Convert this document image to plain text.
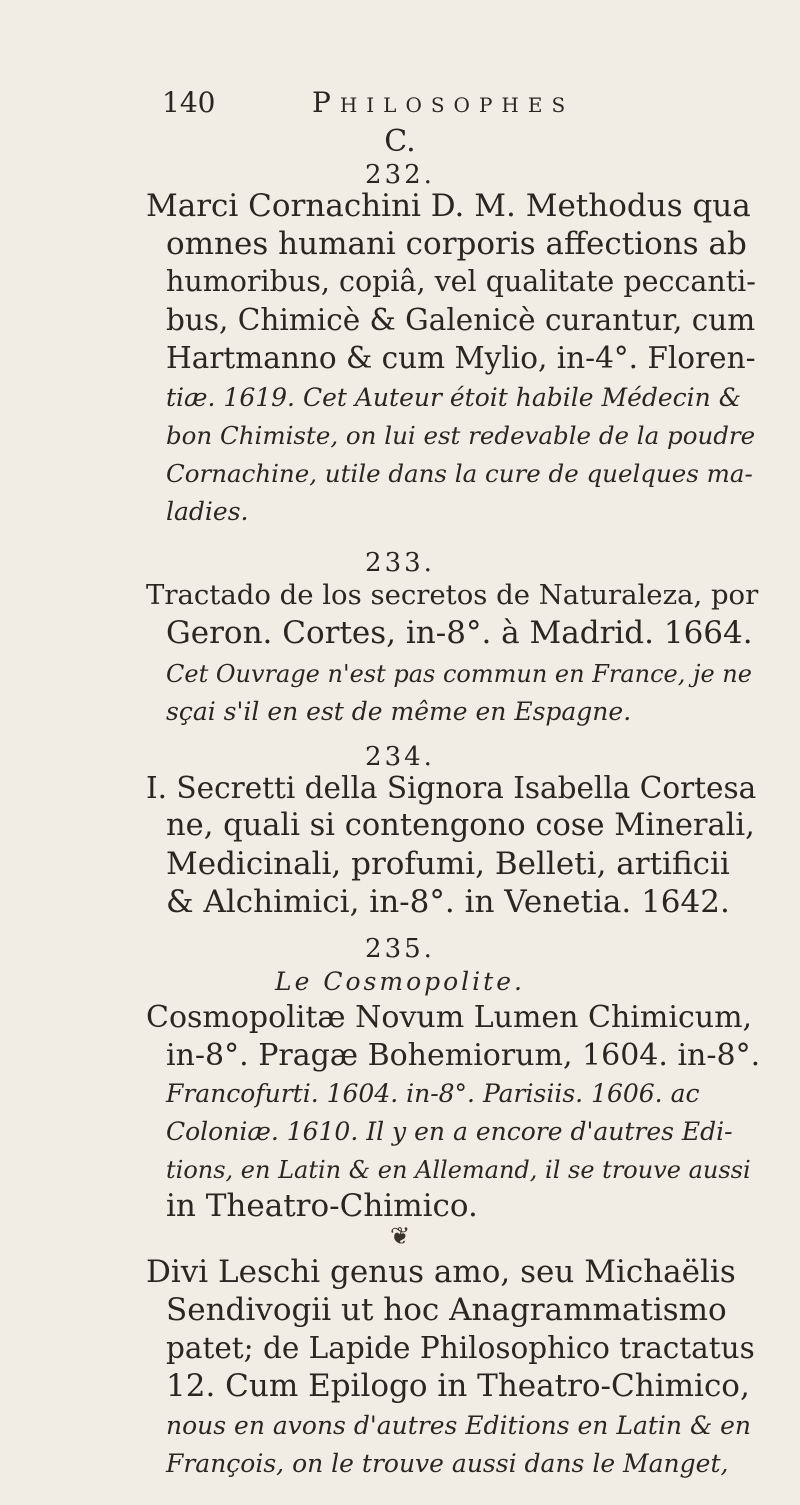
140	Philosophes
C.
232.
Marci Cornachini D. M. Methodus qua
omnes humani corporis affections ab
humoribus, copiâ, vel qualitate peccanti-
bus, Chimicè & Galenicè curantur, cum
Hartmanno & cum Mylio, in-4°. Floren-
tiæ. 1619. Cet Auteur étoit habile Médecin &
bon Chimiste, on lui est redevable de la poudre
Cornachine, utile dans la cure de quelques ma-
ladies.
233.
Tractado de los secretos de Naturaleza, por
Geron. Cortes, in-8°. à Madrid. 1664.
Cet Ouvrage n'est pas commun en France, je ne
sçai s'il en est de même en Espagne.
234.
I. Secretti della Signora Isabella Cortesa
ne, quali si contengono cose Minerali,
Medicinali, profumi, Belleti, artificii
& Alchimici, in-8°. in Venetia. 1642.
235.
Le Cosmopolite.
Cosmopolitæ Novum Lumen Chimicum,
in-8°. Pragæ Bohemiorum, 1604. in-8°.
Francofurti. 1604. in-8°. Parisiis. 1606. ac
Coloniæ. 1610. Il y en a encore d'autres Edi-
tions, en Latin & en Allemand, il se trouve aussi
in Theatro-Chimico.
❦
Divi Leschi genus amo, seu Michaëlis
Sendivogii ut hoc Anagrammatismo
patet; de Lapide Philosophico tractatus
12. Cum Epilogo in Theatro-Chimico,
nous en avons d'autres Editions en Latin & en
François, on le trouve aussi dans le Manget,
